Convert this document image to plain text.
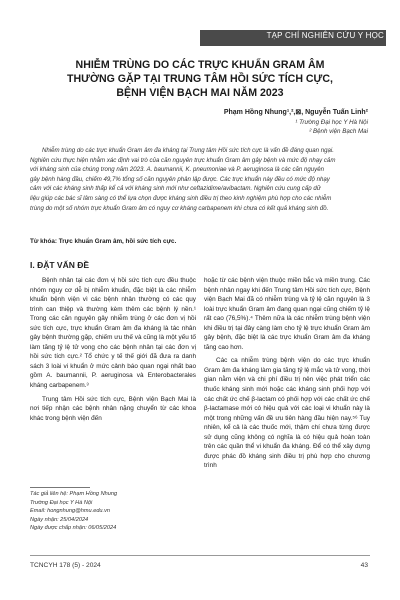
TẠP CHÍ NGHIÊN CỨU Y HỌC
NHIỄM TRÙNG DO CÁC TRỰC KHUẨN GRAM ÂM
THƯỜNG GẶP TẠI TRUNG TÂM HỒI SỨC TÍCH CỰC,
BỆNH VIỆN BẠCH MAI NĂM 2023
Phạm Hồng Nhung¹,²,⊠, Nguyễn Tuấn Linh²
¹ Trường Đại học Y Hà Nội
² Bệnh viện Bạch Mai
Nhiễm trùng do các trực khuẩn Gram âm đa kháng tại Trung tâm Hồi sức tích cực là vấn đề đáng quan ngại.
Nghiên cứu thực hiện nhằm xác định vai trò của căn nguyên trực khuẩn Gram âm gây bệnh và mức độ nhạy cảm
với kháng sinh của chúng trong năm 2023. A. baumannii, K. pneumoniae và P. aeruginosa là các căn nguyên
gây bệnh hàng đầu, chiếm 49,7% tổng số căn nguyên phân lập được. Các trực khuẩn này đều có mức độ nhạy
cảm với các kháng sinh thấp kể cả với kháng sinh mới như ceftazidime/avibactam. Nghiên cứu cung cấp dữ
liệu giúp các bác sĩ lâm sàng có thể lựa chọn được kháng sinh điều trị theo kinh nghiệm phù hợp cho các nhiễm
trùng do một số nhóm trực khuẩn Gram âm có nguy cơ kháng carbapenem khi chưa có kết quả kháng sinh đồ.
Từ khóa: Trực khuẩn Gram âm, hồi sức tích cực.
I. ĐẶT VẤN ĐỀ

Bệnh nhân tại các đơn vị hồi sức tích cực đều thuộc nhóm nguy cơ dễ bị nhiễm khuẩn, đặc biệt là các nhiễm khuẩn bệnh viện vì các bệnh nhân thường có các quy trình can thiệp và thường kèm thêm các bệnh lý nền.¹ Trong các căn nguyên gây nhiễm trùng ở các đơn vị hồi sức tích cực, trực khuẩn Gram âm đa kháng là tác nhân gây bệnh thường gặp, chiếm ưu thế và cũng là một yếu tố làm tăng tỷ lệ tử vong cho các bệnh nhân tại các đơn vị hồi sức tích cực.² Tổ chức y tế thế giới đã đưa ra danh sách 3 loài vi khuẩn ở mức cảnh báo quan ngại nhất bao gồm A. baumannii, P. aeruginosa và Enterobacterales kháng carbapenem.³

Trung tâm Hồi sức tích cực, Bệnh viện Bạch Mai là nơi tiếp nhận các bệnh nhân nặng chuyển từ các khoa khác trong bệnh viện đến

hoặc từ các bệnh viện thuộc miền bắc và miền trung. Các bệnh nhân ngay khi đến Trung tâm Hồi sức tích cực, Bệnh viện Bạch Mai đã có nhiễm trùng và tỷ lệ căn nguyên là 3 loài trực khuẩn Gram âm đang quan ngại cũng chiếm tỷ lệ rất cao (76,5%).⁴ Thêm nữa là các nhiễm trùng bệnh viện khi điều trị tại đây càng làm cho tỷ lệ trực khuẩn Gram âm gây bệnh, đặc biệt là các trực khuẩn Gram âm đa kháng tăng cao hơn.

Các ca nhiễm trùng bệnh viện do các trực khuẩn Gram âm đa kháng làm gia tăng tỷ lệ mắc và tử vong, thời gian nằm viện và chi phí điều trị nên việc phát triển các thuốc kháng sinh mới hoặc các kháng sinh phối hợp với các chất ức chế β-lactam có phối hợp với các chất ức chế β-lactamase mới có hiệu quả với các loại vi khuẩn này là một trong những vấn đề ưu tiên hàng đầu hiện nay.⁵⁶ Tuy nhiên, kể cả là các thuốc mới, thậm chí chưa từng được sử dụng cũng không có nghĩa là có hiệu quả hoàn toàn trên các quần thể vi khuẩn đa kháng. Để có thể xây dựng được phác đồ kháng sinh điều trị phù hợp cho chương trình

Tác giả liên hệ: Phạm Hồng Nhung
Trường Đại học Y Hà Nội
Email: hongnhung@hmu.edu.vn
Ngày nhận: 25/04/2024
Ngày được chấp nhận: 06/05/2024
TCNCYH 178 (5) - 2024	43
